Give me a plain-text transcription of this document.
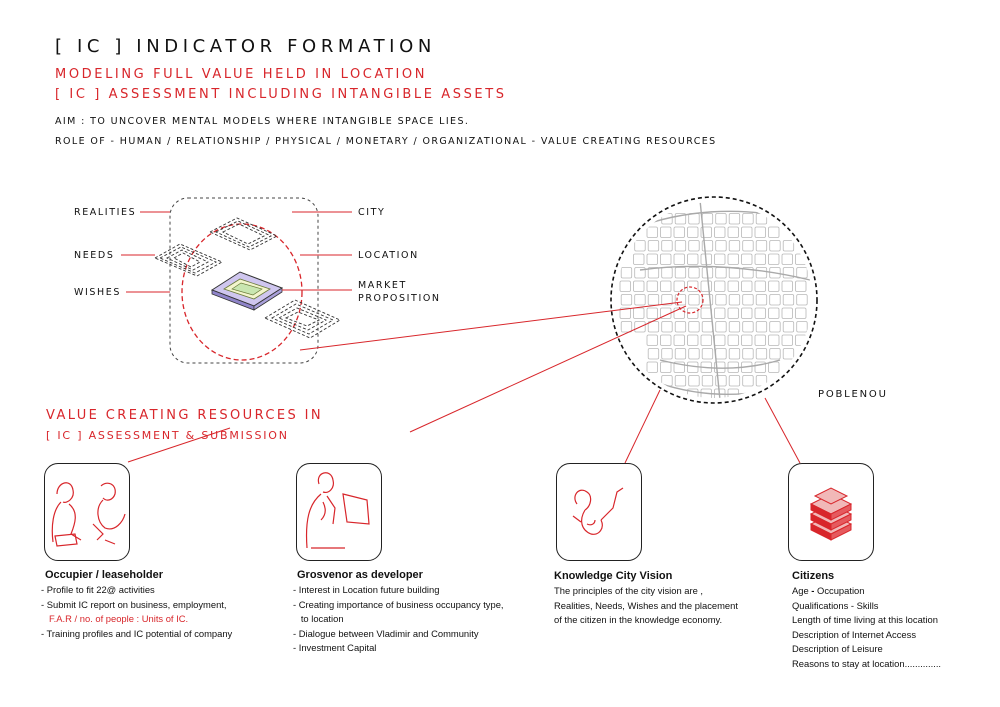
[ IC ] INDICATOR FORMATION
MODELING FULL VALUE HELD IN LOCATION
[ IC ] ASSESSMENT INCLUDING INTANGIBLE ASSETS
AIM : TO UNCOVER MENTAL MODELS WHERE INTANGIBLE SPACE LIES.
ROLE OF - HUMAN / RELATIONSHIP / PHYSICAL / MONETARY / ORGANIZATIONAL - VALUE CREATING RESOURCES
REALITIES
NEEDS
WISHES
CITY
LOCATION
MARKET
PROPOSITION
POBLENOU
VALUE CREATING RESOURCES IN
[ IC ] ASSESSMENT & SUBMISSION
Occupier / leaseholder
- Profile to fit 22@ activities
- Submit IC report on business, employment,
F.A.R / no. of people : Units of IC.
- Training profiles and IC potential of company
Grosvenor as developer
- Interest in Location future building
- Creating importance of business occupancy type,
to location
- Dialogue between Vladimir and Community
- Investment Capital
Knowledge City Vision
The principles of the city vision are ,
Realities, Needs, Wishes and the placement
of the citizen in the knowledge economy.
Citizens
Age - Occupation
Qualifications - Skills
Length of time living at this location
Description of Internet Access
Description of Leisure
Reasons to stay at location..............
